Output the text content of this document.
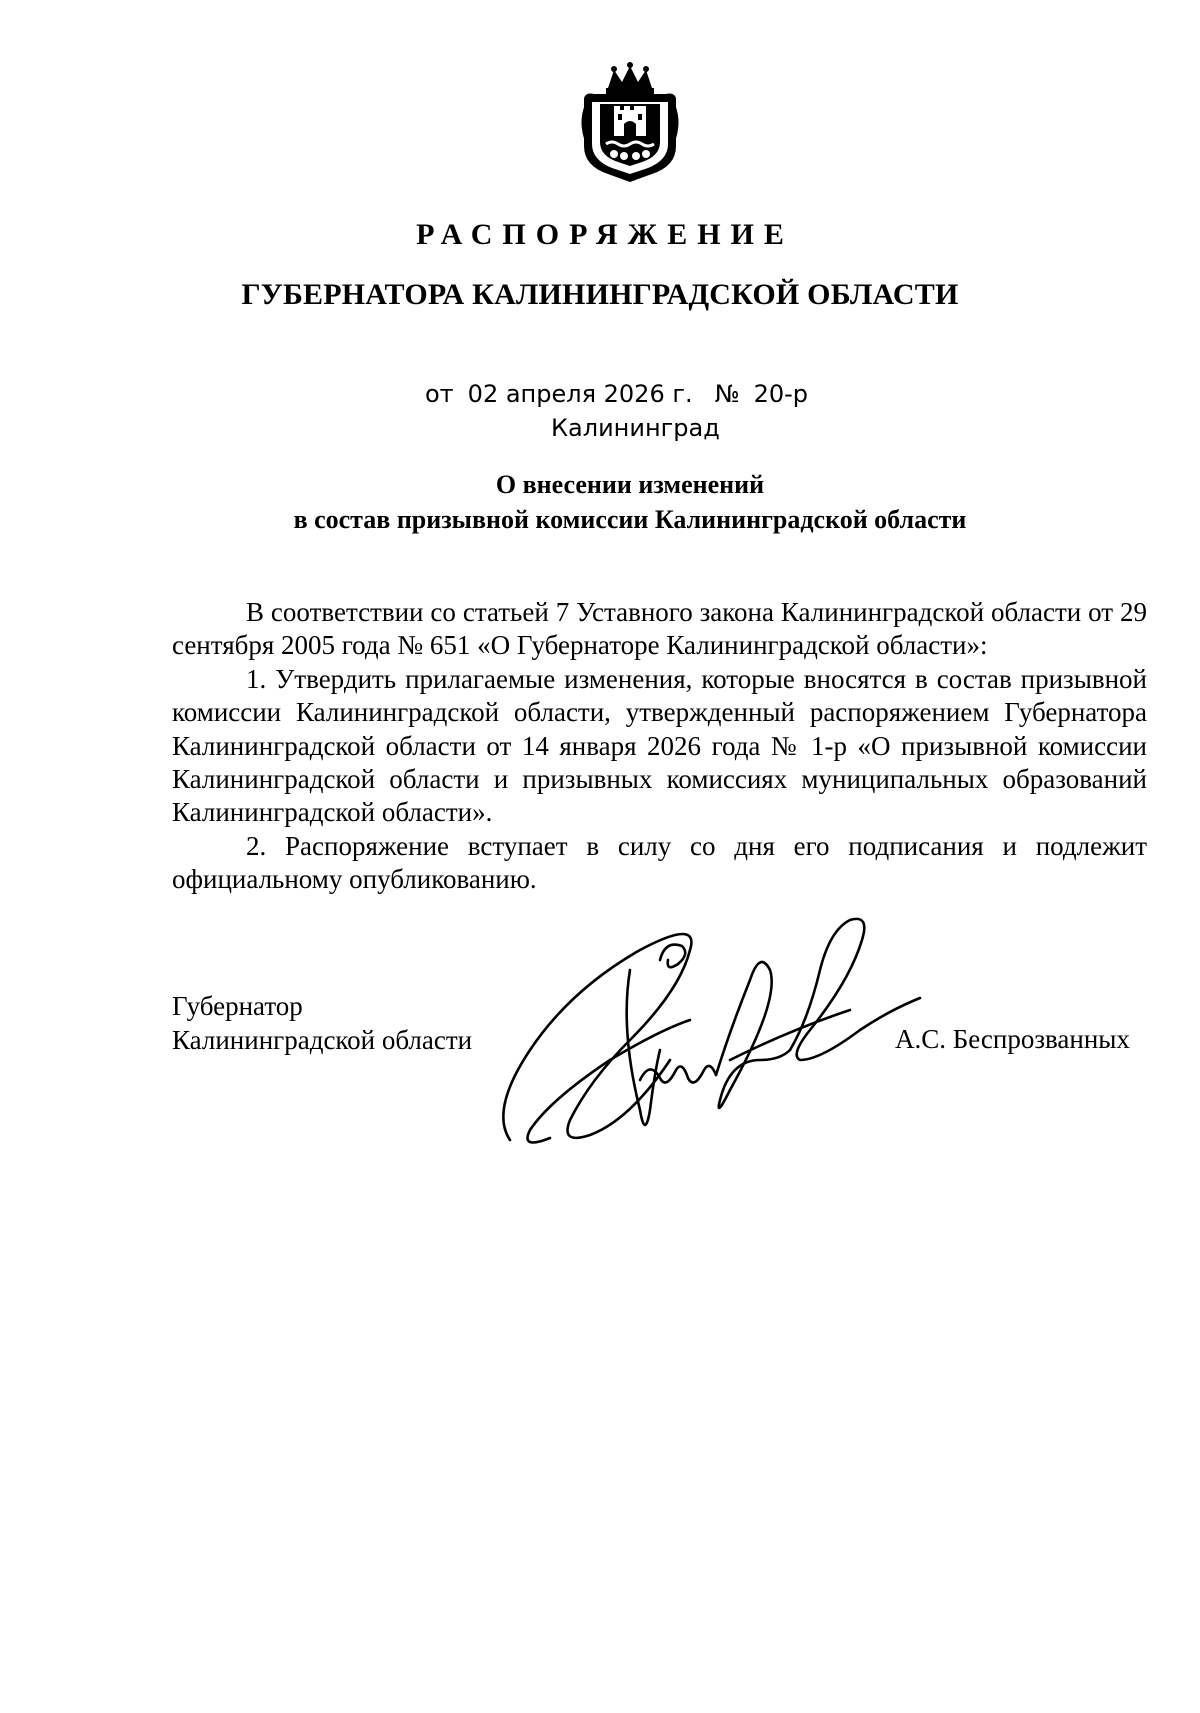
РАСПОРЯЖЕНИЕ
ГУБЕРНАТОРА КАЛИНИНГРАДСКОЙ ОБЛАСТИ
от 02 апреля 2026 г. № 20-р
Калининград
О внесении изменений
в состав призывной комиссии Калининградской области

В соответствии со статьей 7 Уставного закона Калининградской области от 29 сентября 2005 года № 651 «О Губернаторе Калининградской области»:

1. Утвердить прилагаемые изменения, которые вносятся в состав призывной комиссии Калининградской области, утвержденный распоряжением Губернатора Калининградской области от 14 января 2026 года № 1-р «О призывной комиссии Калининградской области и призывных комиссиях муниципальных образований Калининградской области».

2. Распоряжение вступает в силу со дня его подписания и подлежит официальному опубликованию.

Губернатор
Калининградской области	А.С. Беспрозванных
